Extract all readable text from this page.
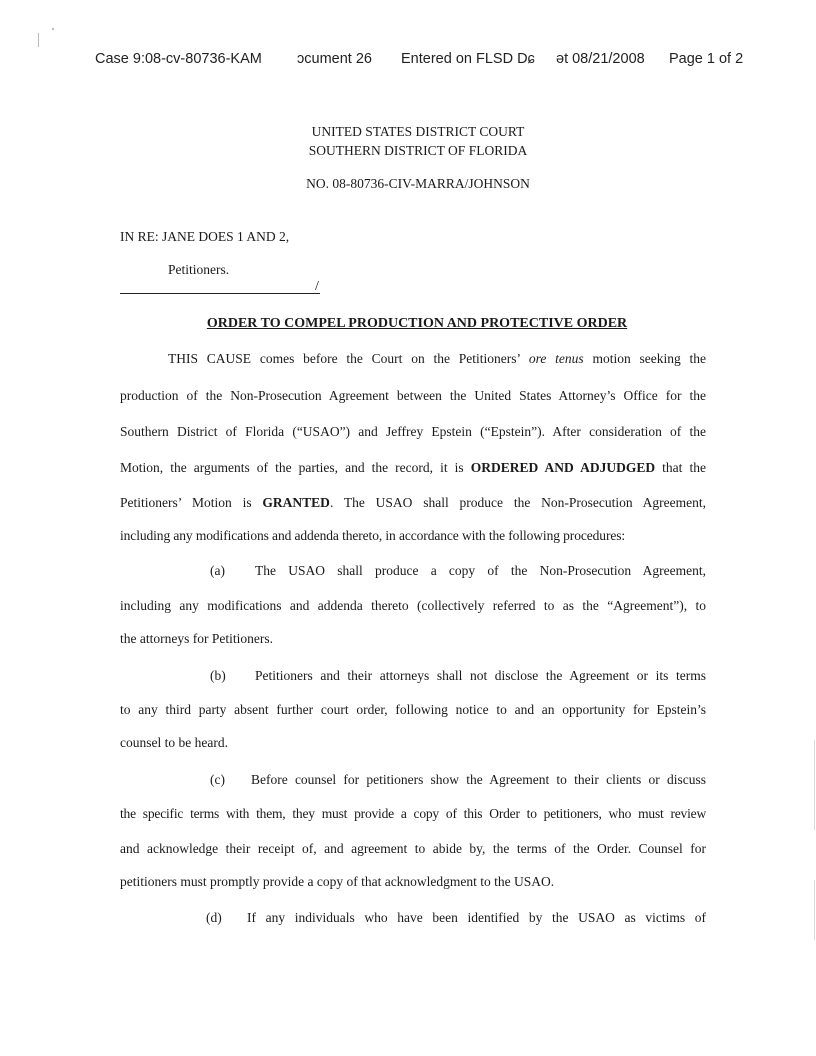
Case 9:08-cv-80736-KAM ɔcument 26 Entered on FLSD Dɕ ət 08/21/2008 Page 1 of 2
UNITED STATES DISTRICT COURT
SOUTHERN DISTRICT OF FLORIDA
NO. 08-80736-CIV-MARRA/JOHNSON
IN RE: JANE DOES 1 AND 2,
Petitioners.
/
ORDER TO COMPEL PRODUCTION AND PROTECTIVE ORDER
THIS CAUSE comes before the Court on the Petitioners’ ore tenus motion seeking the
production of the Non-Prosecution Agreement between the United States Attorney’s Office for the
Southern District of Florida (“USAO”) and Jeffrey Epstein (“Epstein”). After consideration of the
Motion, the arguments of the parties, and the record, it is ORDERED AND ADJUDGED that the
Petitioners’ Motion is GRANTED. The USAO shall produce the Non-Prosecution Agreement,
including any modifications and addenda thereto, in accordance with the following procedures:
(a) The USAO shall produce a copy of the Non-Prosecution Agreement,
including any modifications and addenda thereto (collectively referred to as the “Agreement”), to
the attorneys for Petitioners.
(b) Petitioners and their attorneys shall not disclose the Agreement or its terms
to any third party absent further court order, following notice to and an opportunity for Epstein’s
counsel to be heard.
(c) Before counsel for petitioners show the Agreement to their clients or discuss
the specific terms with them, they must provide a copy of this Order to petitioners, who must review
and acknowledge their receipt of, and agreement to abide by, the terms of the Order. Counsel for
petitioners must promptly provide a copy of that acknowledgment to the USAO.
(d) If any individuals who have been identified by the USAO as victims of
